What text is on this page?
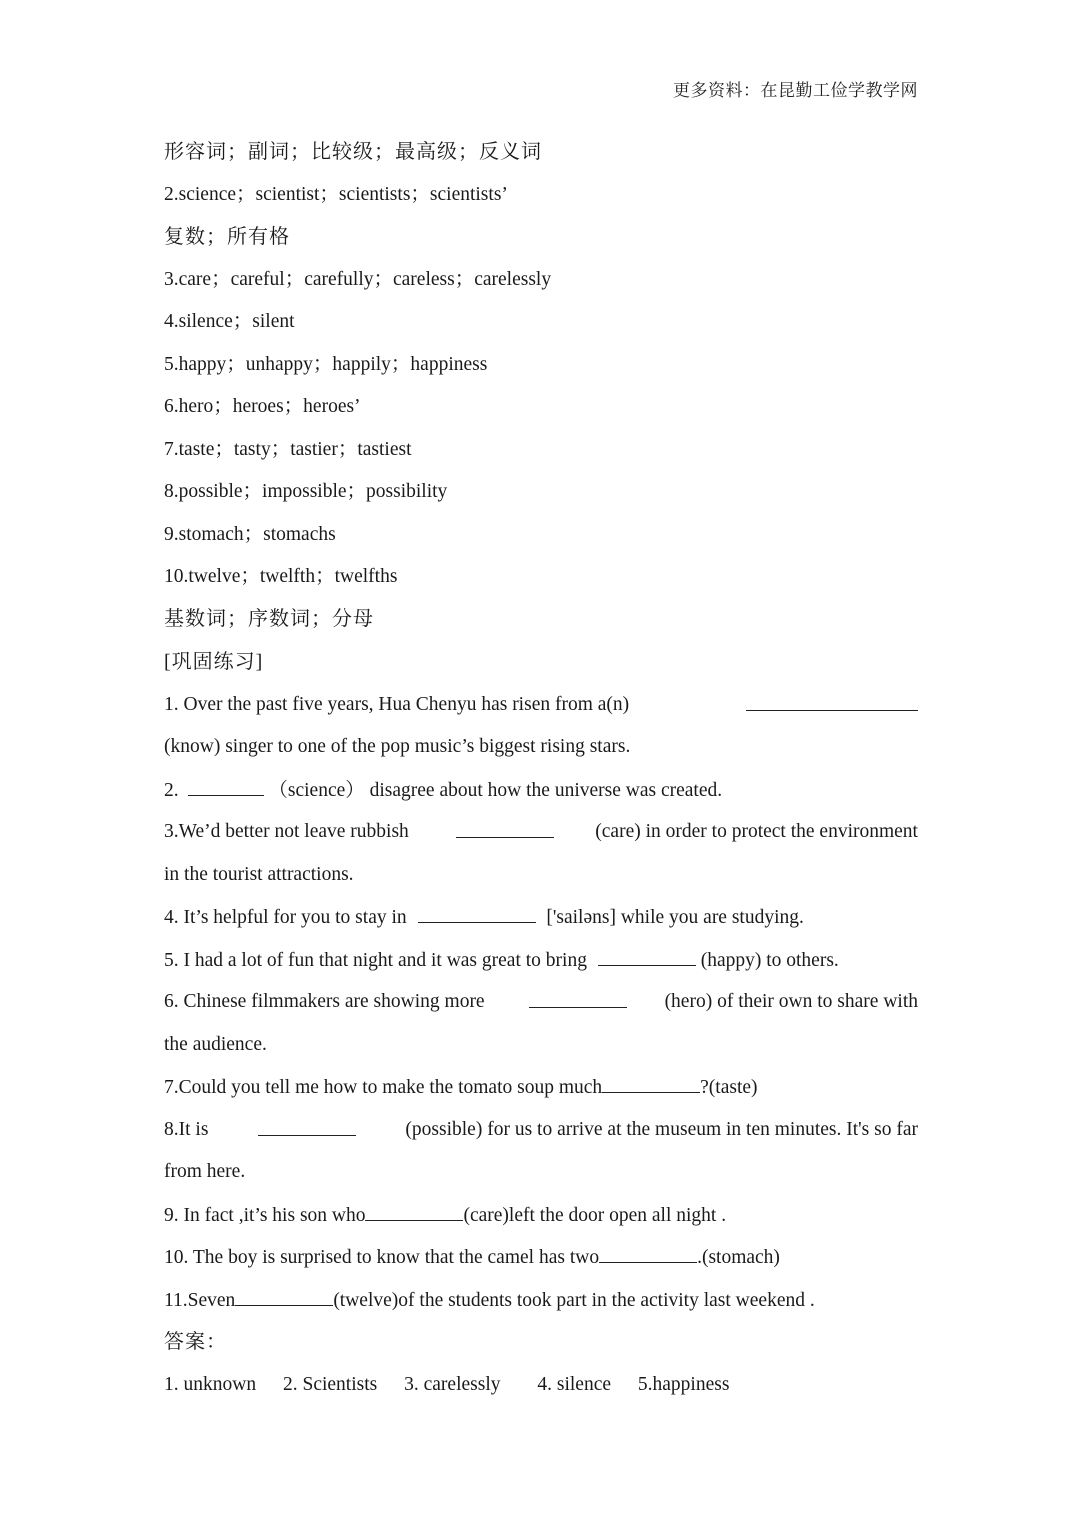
更多资料：在昆勤工俭学教学网
形容词；副词；比较级；最高级；反义词
2.science；scientist；scientists；scientists’
复数；所有格
3.care；careful；carefully；careless；carelessly
4.silence；silent
5.happy；unhappy；happily；happiness
6.hero；heroes；heroes’
7.taste；tasty；tastier；tastiest
8.possible；impossible；possibility
9.stomach；stomachs
10.twelve；twelfth；twelfths
基数词；序数词；分母
[巩固练习]
1. Over the past five years, Hua Chenyu has risen from a(n)
(know) singer to one of the pop music’s biggest rising stars.
2.	（science） disagree about how the universe was created.
3.We’d better not leave rubbish	(care) in order to protect the environment
in the tourist attractions.
4. It’s helpful for you to stay in	['sailəns] while you are studying.
5. I had a lot of fun that night and it was great to bring	(happy) to others.
6. Chinese filmmakers are showing more	(hero) of their own to share with
the audience.
7.Could you tell me how to make the tomato soup much	?(taste)
8.It is	(possible) for us to arrive at the museum in ten minutes. It's so far
from here.
9. In fact ,it’s his son who	(care)left the door open all night .
10. The boy is surprised to know that the camel has two	.(stomach)
11.Seven	(twelve)of the students took part in the activity last weekend .
答案：
1. unknown 2. Scientists 3. carelessly 4. silence 5.happiness
